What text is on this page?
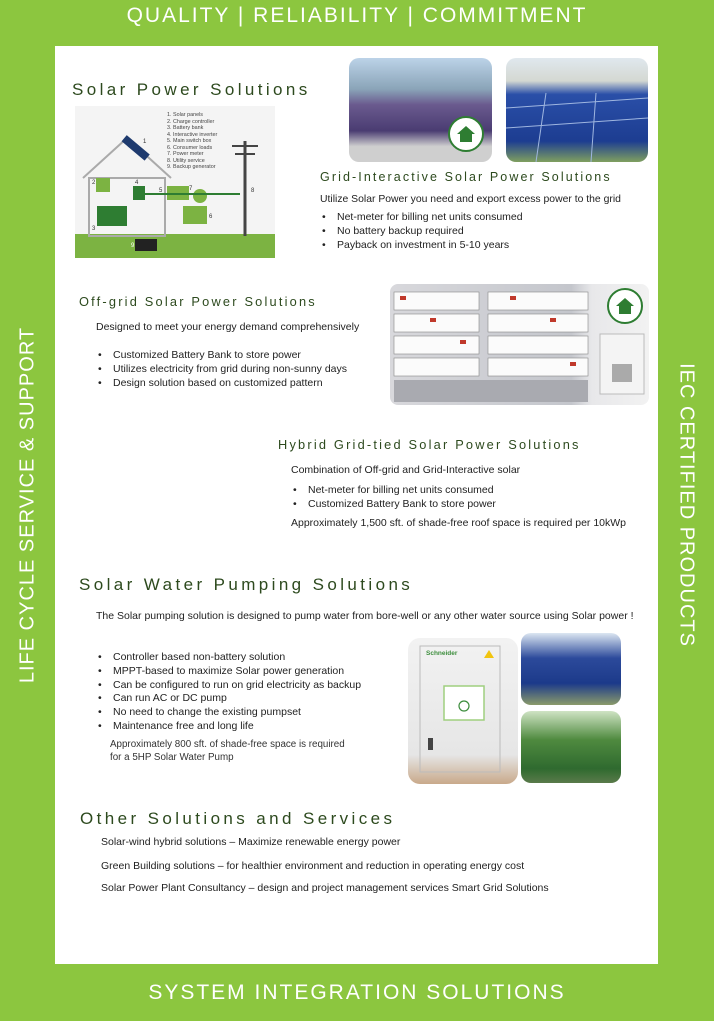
QUALITY | RELIABILITY | COMMITMENT
SYSTEM INTEGRATION SOLUTIONS
LIFE CYCLE SERVICE & SUPPORT	IEC CERTIFIED PRODUCTS
Solar Power Solutions
1
2
3
4
5
6
7	8
9
1. Solar panels
2. Charge controller
3. Battery bank
4. Interactive inverter
5. Main switch box
6. Consumer loads
7. Power meter
8. Utility service
9. Backup generator
Grid-Interactive Solar Power Solutions
Utilize Solar Power you need and export excess power to the grid
• Net-meter for billing net units consumed
• No battery backup required
• Payback on investment in 5-10 years
Off-grid Solar Power Solutions
Designed to meet your energy demand comprehensively
• Customized Battery Bank to store power
• Utilizes electricity from grid during non-sunny days
• Design solution based on customized pattern
Hybrid Grid-tied Solar Power Solutions
Combination of Off-grid and Grid-Interactive solar
• Net-meter for billing net units consumed
• Customized Battery Bank to store power
Approximately 1,500 sft. of shade-free roof space is required per 10kWp
Solar Water Pumping Solutions
The Solar pumping solution is designed to pump water from bore-well or any other water source using Solar power !
• Controller based non-battery solution
• MPPT-based to maximize Solar power generation
• Can be configured to run on grid electricity as backup
• Can run AC or DC pump
• No need to change the existing pumpset
• Maintenance free and long life
Approximately 800 sft. of shade-free space is required
for a 5HP Solar Water Pump
Schneider
Other Solutions and Services
Solar-wind hybrid solutions – Maximize renewable energy power
Green Building solutions – for healthier environment and reduction in operating energy cost
Solar Power Plant Consultancy – design and project management services Smart Grid Solutions
